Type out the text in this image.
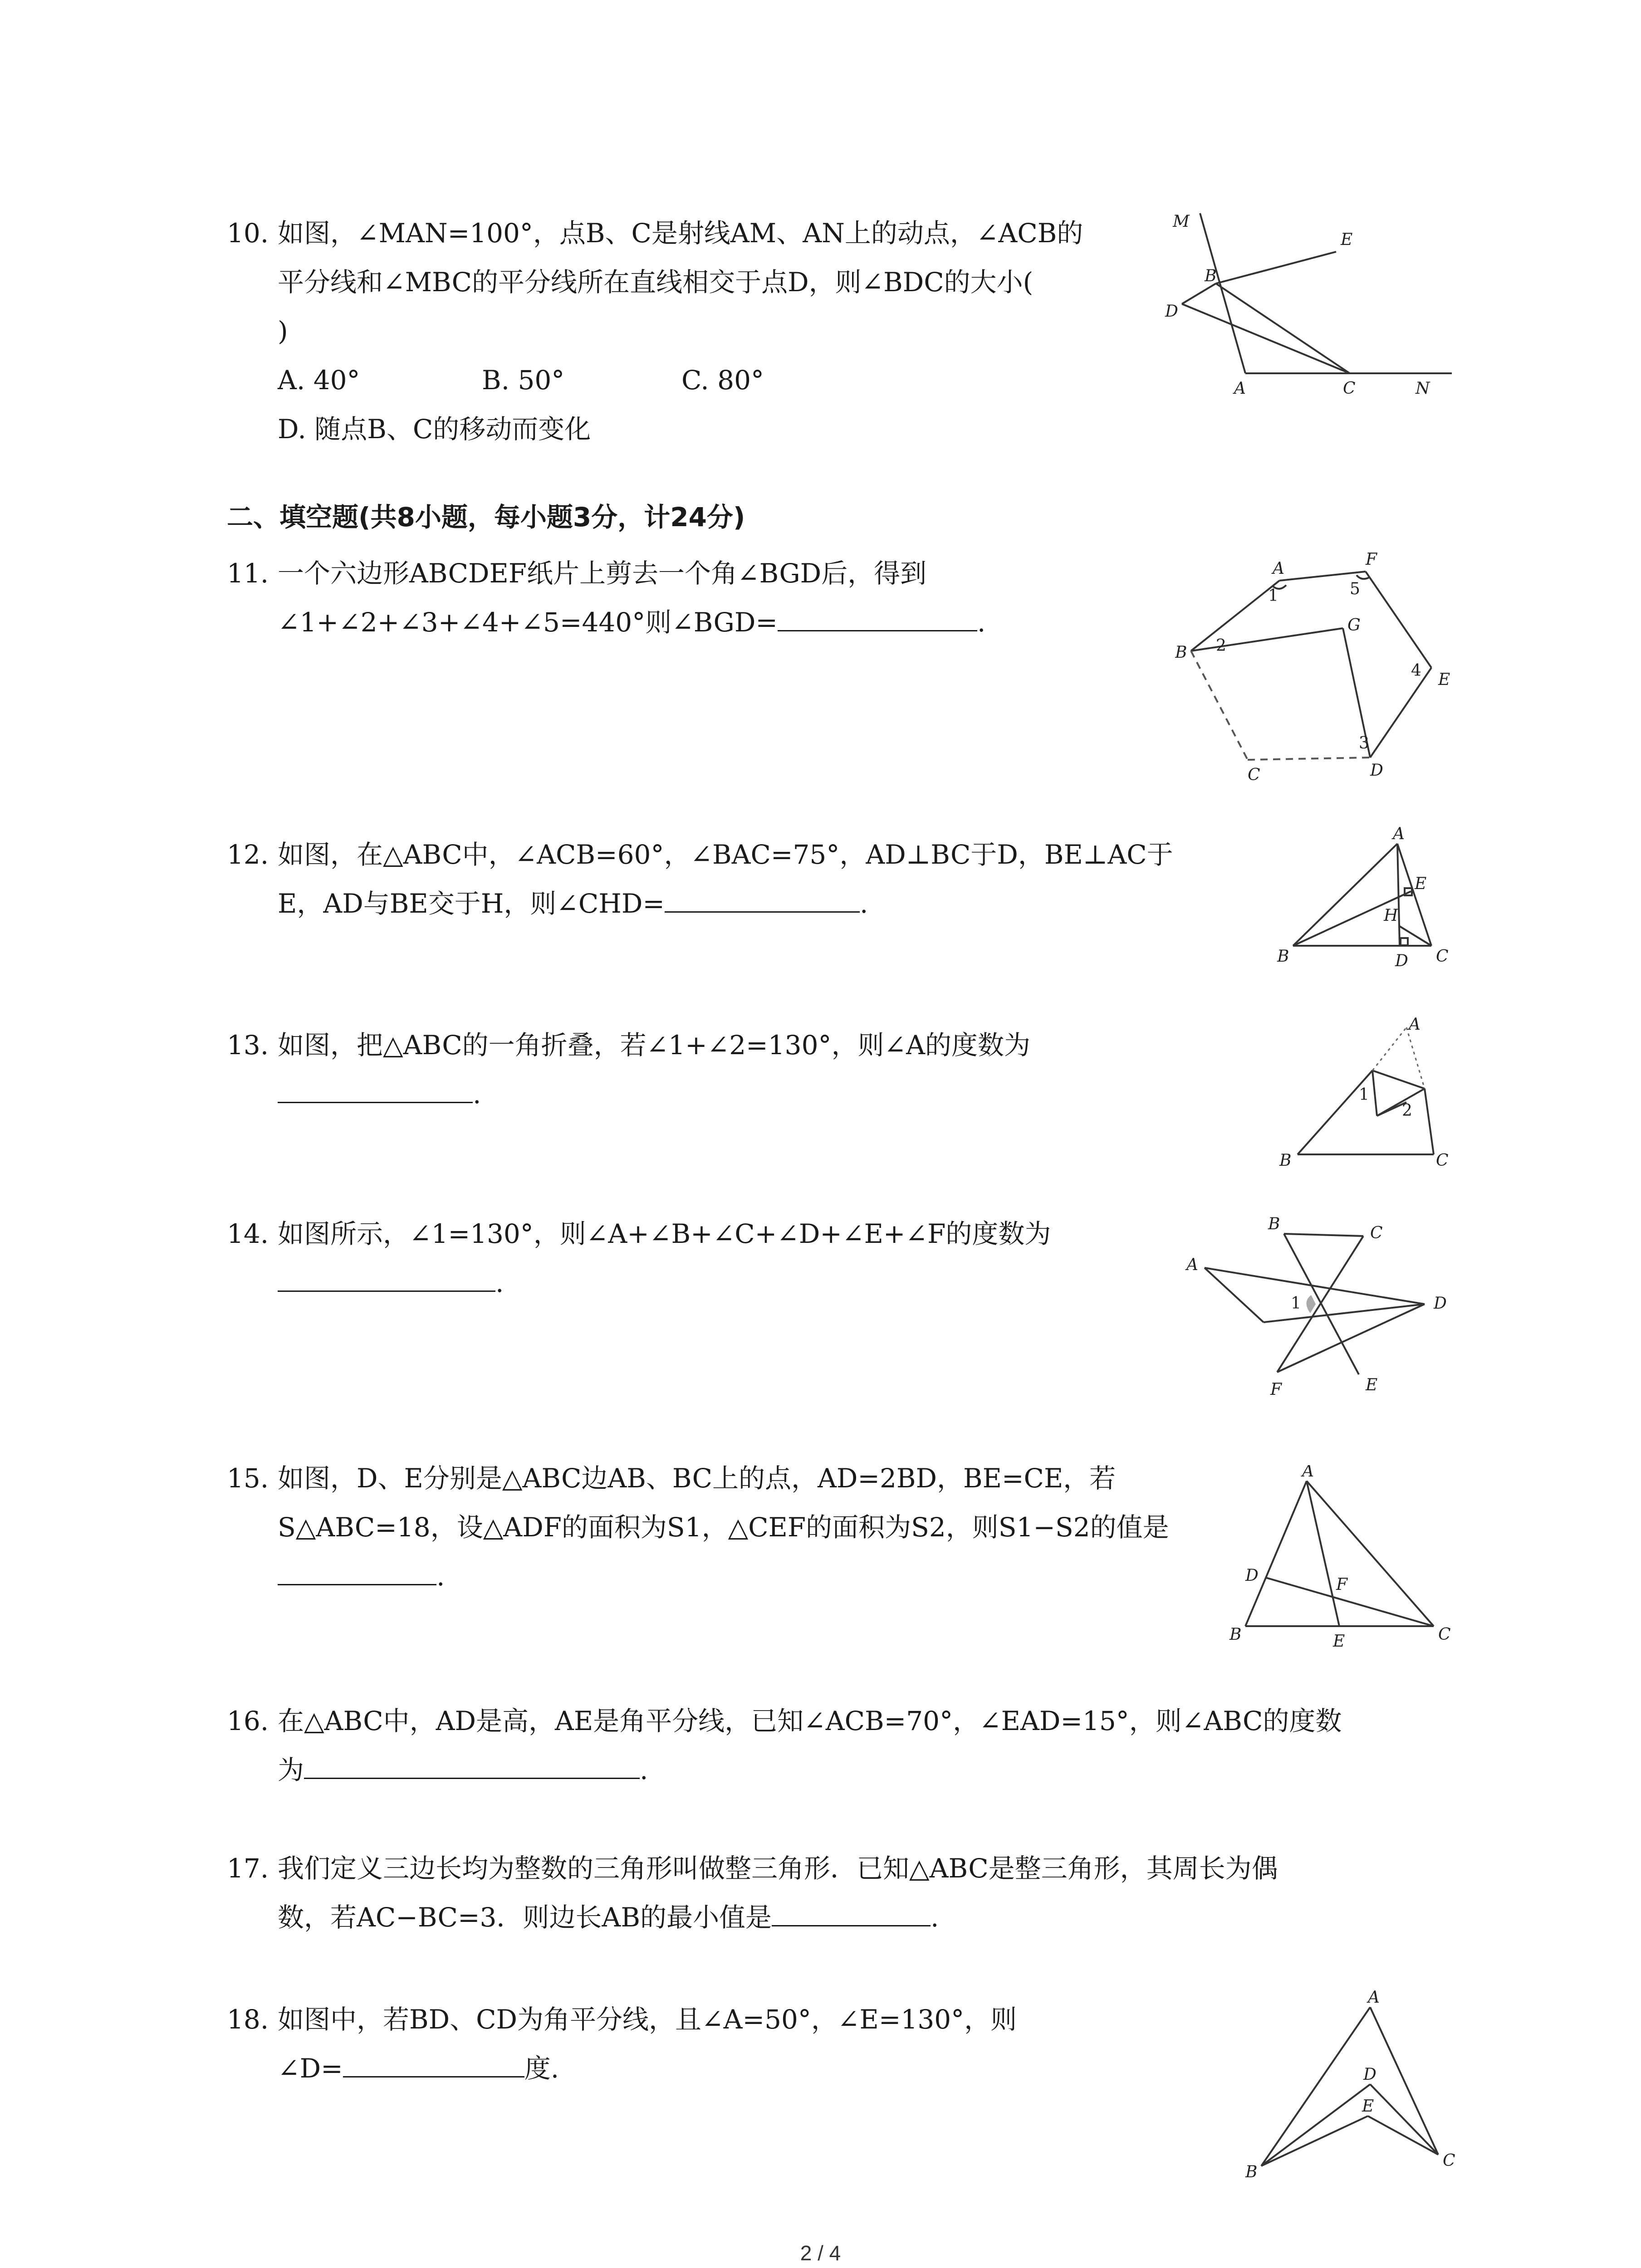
10. 如图，∠MAN=100°，点B、C是射线AM、AN上的动点，∠ACB的
平分线和∠MBC的平分线所在直线相交于点D，则∠BDC的大小(
)
A. 40°	B. 50°	C. 80°
D. 随点B、C的移动而变化
M
E
B
D
A	C	N
二、填空题(共8小题，每小题3分，计24分)
11. 一个六边形ABCDEF纸片上剪去一个角∠BGD后，得到
∠1+∠2+∠3+∠4+∠5=440°则∠BGD=	.
A	F
B
G
E
C	D
1
2
3
4
5
12. 如图，在△ABC中，∠ACB=60°，∠BAC=75°，AD⊥BC于D，BE⊥AC于
E，AD与BE交于H，则∠CHD=	.
A
E
H
B	D C
13. 如图，把△ABC的一角折叠，若∠1+∠2=130°，则∠A的度数为
.
A
B	C
1
2
14. 如图所示，∠1=130°，则∠A+∠B+∠C+∠D+∠E+∠F的度数为
.
A
B	C
D
E
F
1
15. 如图，D、E分别是△ABC边AB、BC上的点，AD=2BD，BE=CE，若
S△ABC=18，设△ADF的面积为S1，△CEF的面积为S2，则S1−S2的值是
.
A
D	F
B	E	C
16. 在△ABC中，AD是高，AE是角平分线，已知∠ACB=70°，∠EAD=15°，则∠ABC的度数
为	.
17. 我们定义三边长均为整数的三角形叫做整三角形．已知△ABC是整三角形，其周长为偶
数，若AC−BC=3．则边长AB的最小值是	.
18. 如图中，若BD、CD为角平分线，且∠A=50°，∠E=130°，则
∠D=	度.
A
D
E
B
C
2 / 4
